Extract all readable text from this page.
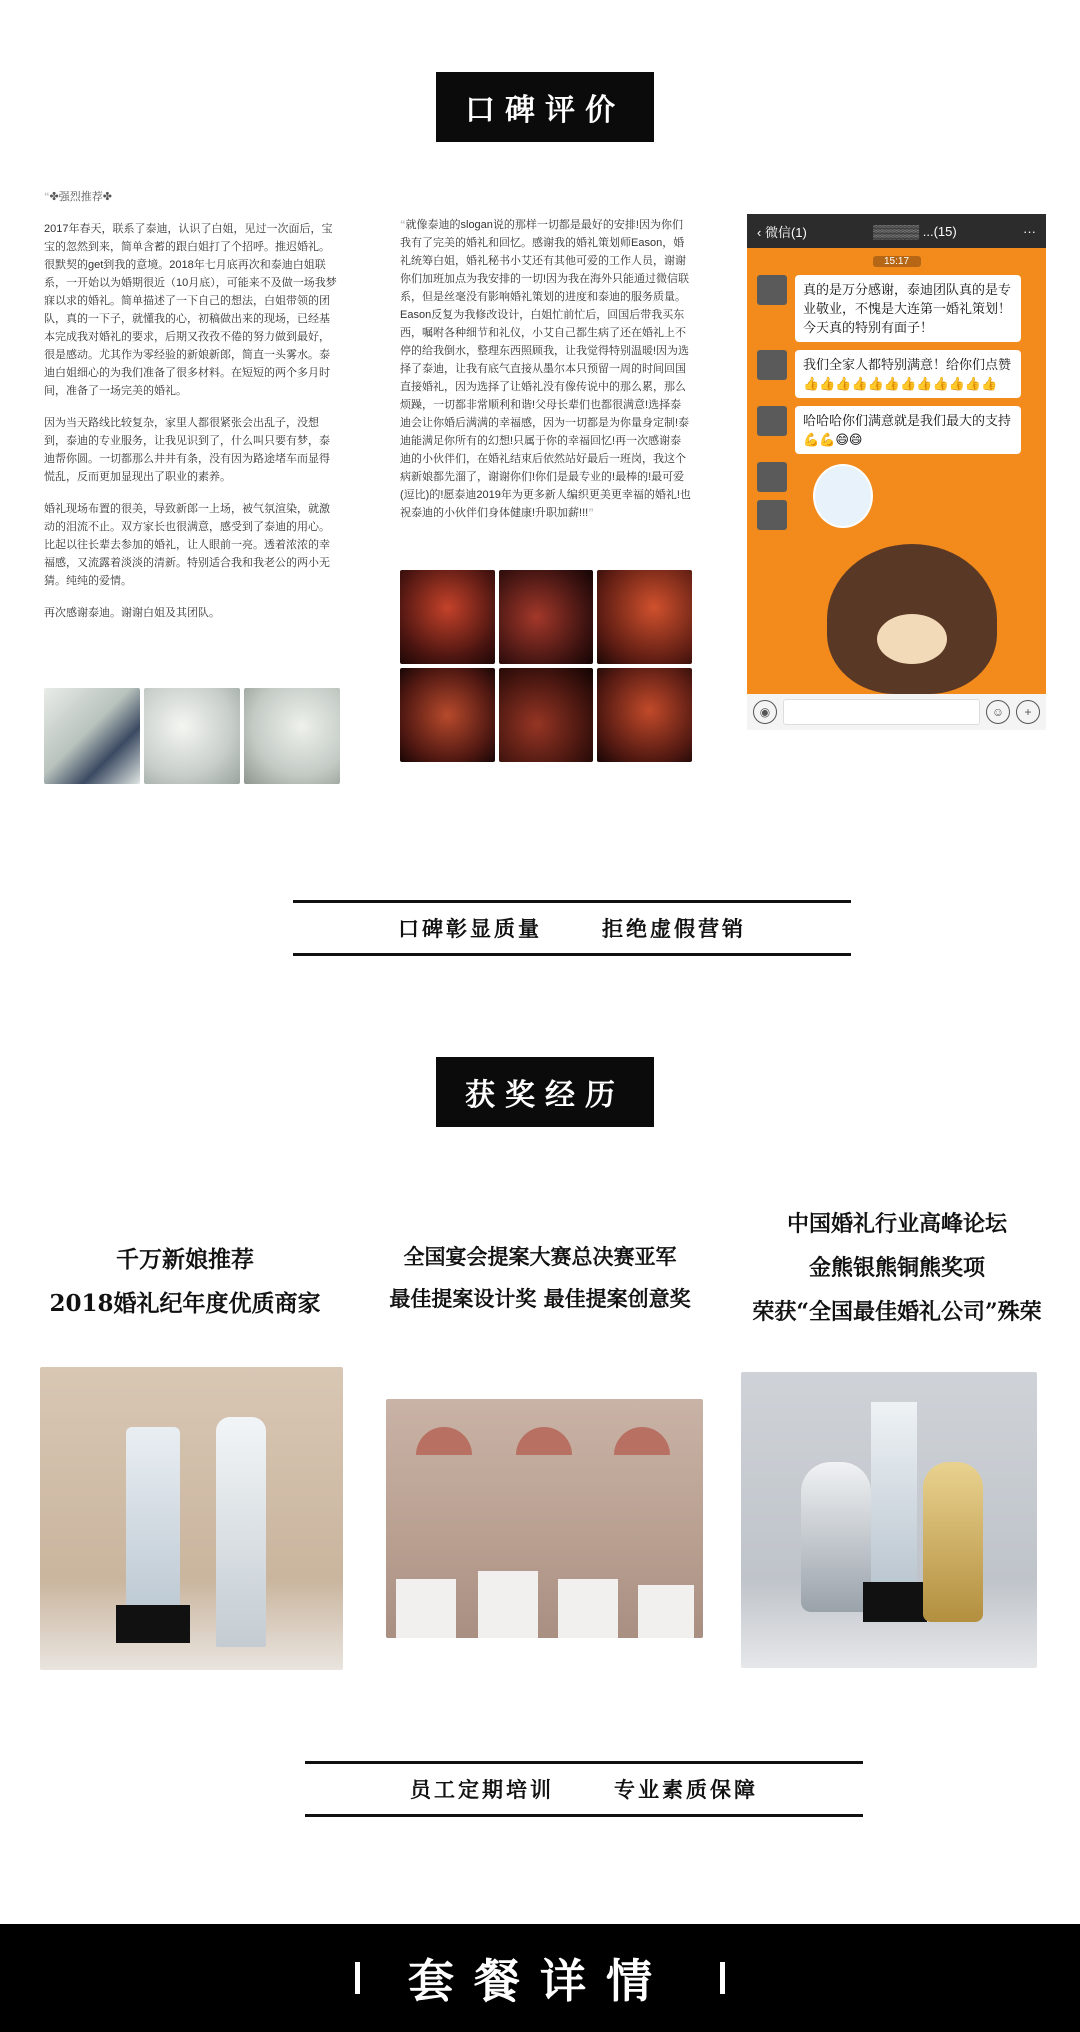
口碑评价

“✤强烈推荐✤

2017年春天，联系了泰迪，认识了白姐，见过一次面后，宝宝的忽然到来，简单含蓄的跟白姐打了个招呼。推迟婚礼。很默契的get到我的意境。2018年七月底再次和泰迪白姐联系，一开始以为婚期很近（10月底），可能来不及做一场我梦寐以求的婚礼。简单描述了一下自己的想法，白姐带领的团队，真的一下子，就懂我的心，初稿做出来的现场，已经基本完成我对婚礼的要求，后期又孜孜不倦的努力做到最好，很是感动。尤其作为零经验的新娘新郎，简直一头雾水。泰迪白姐细心的为我们准备了很多材料。在短短的两个多月时间，准备了一场完美的婚礼。

因为当天路线比较复杂，家里人都很紧张会出乱子，没想到，泰迪的专业服务，让我见识到了，什么叫只要有梦，泰迪帮你圆。一切都那么井井有条，没有因为路途堵车而显得慌乱，反而更加显现出了职业的素养。

婚礼现场布置的很美，导致新郎一上场，被气氛渲染，就激动的泪流不止。双方家长也很满意，感受到了泰迪的用心。比起以往长辈去参加的婚礼，让人眼前一亮。透着浓浓的幸福感，又流露着淡淡的清新。特别适合我和我老公的两小无猜。纯纯的爱情。

再次感谢泰迪。谢谢白姐及其团队。

“就像泰迪的slogan说的那样一切都是最好的安排!因为你们我有了完美的婚礼和回忆。感谢我的婚礼策划师Eason，婚礼统筹白姐，婚礼秘书小艾还有其他可爱的工作人员，谢谢你们加班加点为我安排的一切!因为我在海外只能通过微信联系，但是丝毫没有影响婚礼策划的进度和泰迪的服务质量。Eason反复为我修改设计，白姐忙前忙后，回国后带我买东西，嘱咐各种细节和礼仪，小艾自己都生病了还在婚礼上不停的给我倒水，整理东西照顾我，让我觉得特别温暖!因为选择了泰迪，让我有底气直接从墨尔本只预留一周的时间回国直接婚礼，因为选择了让婚礼没有像传说中的那么累，那么烦躁，一切都非常顺利和谐!父母长辈们也都很满意!选择泰迪会让你婚后满满的幸福感，因为一切都是为你量身定制!泰迪能满足你所有的幻想!只属于你的幸福回忆!再一次感谢泰迪的小伙伴们，在婚礼结束后依然站好最后一班岗，我这个病新娘都先溜了，谢谢你们!你们是最专业的!最棒的!最可爱(逗比)的!愿泰迪2019年为更多新人编织更美更幸福的婚礼!也祝泰迪的小伙伴们身体健康!升职加薪!!!”

‹ 微信(1)	▒▒▒▒▒ ...(15)	···
15:17
真的是万分感谢，泰迪团队真的是专业敬业，不愧是大连第一婚礼策划！今天真的特别有面子！
我们全家人都特别满意！给你们点赞👍👍👍👍👍👍👍👍👍👍👍👍
哈哈哈你们满意就是我们最大的支持 💪💪😄😄
◉	☺	+
口碑彰显质量	拒绝虚假营销
获奖经历
千万新娘推荐
2018婚礼纪年度优质商家
全国宴会提案大赛总决赛亚军
最佳提案设计奖 最佳提案创意奖
中国婚礼行业高峰论坛
金熊银熊铜熊奖项
荣获“全国最佳婚礼公司”殊荣
员工定期培训	专业素质保障
套餐详情
